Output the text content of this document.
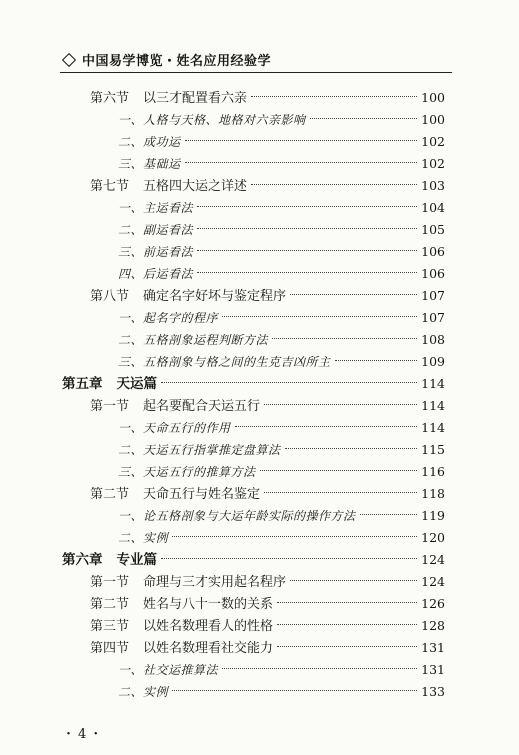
中国易学博览・姓名应用经验学
第六节 以三才配置看六亲	100
一、人格与天格、地格对六亲影响	100
二、成功运	102
三、基础运	102
第七节 五格四大运之详述	103
一、主运看法	104
二、副运看法	105
三、前运看法	106
四、后运看法	106
第八节 确定名字好坏与鉴定程序	107
一、起名字的程序	107
二、五格剖象运程判断方法	108
三、五格剖象与格之间的生克吉凶所主	109
第五章 天运篇	114
第一节 起名要配合天运五行	114
一、天命五行的作用	114
二、天运五行指掌推定盘算法	115
三、天运五行的推算方法	116
第二节 天命五行与姓名鉴定	118
一、论五格剖象与大运年龄实际的操作方法	119
二、实例	120
第六章 专业篇	124
第一节 命理与三才实用起名程序	124
第二节 姓名与八十一数的关系	126
第三节 以姓名数理看人的性格	128
第四节 以姓名数理看社交能力	131
一、社交运推算法	131
二、实例	133
・4・
